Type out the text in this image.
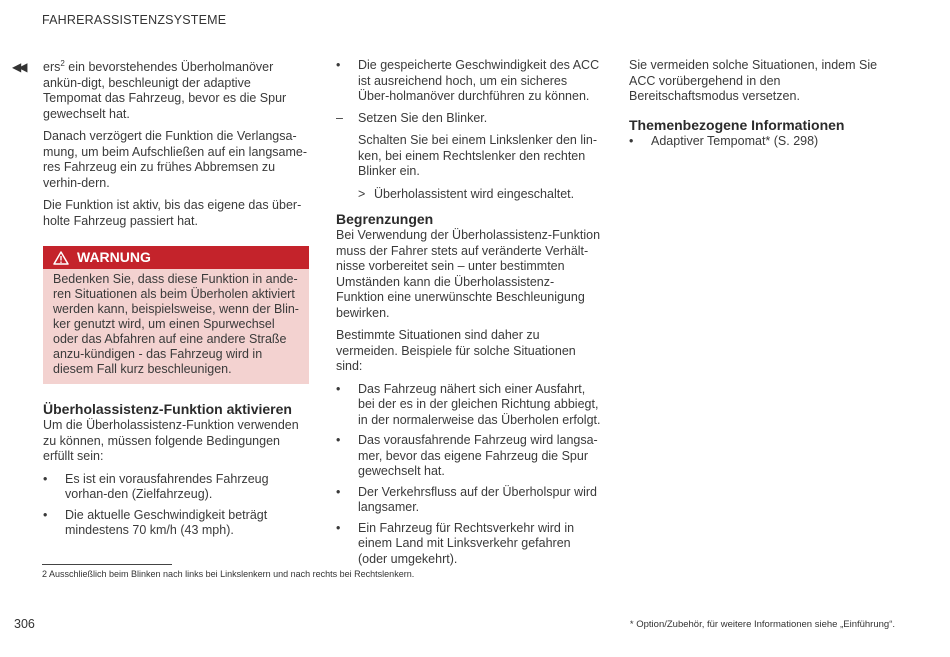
FAHRERASSISTENZSYSTEME
◀◀ ers$^2$ ein bevorstehendes Überholmanöver ankün-digt, beschleunigt der adaptive Tempomat das Fahrzeug, bevor es die Spur gewechselt hat.

Danach verzögert die Funktion die Verlangsa-mung, um beim Aufschließen auf ein langsame-res Fahrzeug ein zu frühes Abbremsen zu verhin-dern.

Die Funktion ist aktiv, bis das eigene das über-holte Fahrzeug passiert hat.

WARNUNG
Bedenken Sie, dass diese Funktion in ande-ren Situationen als beim Überholen aktiviert werden kann, beispielsweise, wenn der Blin-ker genutzt wird, um einen Spurwechsel oder das Abfahren auf eine andere Straße anzu-kündigen - das Fahrzeug wird in diesem Fall kurz beschleunigen.
Überholassistenz-Funktion aktivieren

Um die Überholassistenz-Funktion verwenden zu können, müssen folgende Bedingungen erfüllt sein:

• Es ist ein vorausfahrendes Fahrzeug vorhan-den (Zielfahrzeug).
• Die aktuelle Geschwindigkeit beträgt mindestens 70 km/h (43 mph).
• Die gespeicherte Geschwindigkeit des ACC ist ausreichend hoch, um ein sicheres Über-holmanöver durchführen zu können.
– Setzen Sie den Blinker.

Schalten Sie bei einem Linkslenker den lin-ken, bei einem Rechtslenker den rechten Blinker ein.

> Überholassistent wird eingeschaltet.
Begrenzungen

Bei Verwendung der Überholassistenz-Funktion muss der Fahrer stets auf veränderte Verhält-nisse vorbereitet sein – unter bestimmten Umständen kann die Überholassistenz-Funktion eine unerwünschte Beschleunigung bewirken.

Bestimmte Situationen sind daher zu vermeiden. Beispiele für solche Situationen sind:

• Das Fahrzeug nähert sich einer Ausfahrt, bei der es in der gleichen Richtung abbiegt, in der normalerweise das Überholen erfolgt.
• Das vorausfahrende Fahrzeug wird langsa-mer, bevor das eigene Fahrzeug die Spur gewechselt hat.
• Der Verkehrsfluss auf der Überholspur wird langsamer.
• Ein Fahrzeug für Rechtsverkehr wird in einem Land mit Linksverkehr gefahren (oder umgekehrt).

Sie vermeiden solche Situationen, indem Sie ACC vorübergehend in den Bereitschaftsmodus versetzen.

Themenbezogene Informationen
• Adaptiver Tempomat* (S. 298)
2 Ausschließlich beim Blinken nach links bei Linkslenkern und nach rechts bei Rechtslenkern.
306	* Option/Zubehör, für weitere Informationen siehe „Einführung“.
